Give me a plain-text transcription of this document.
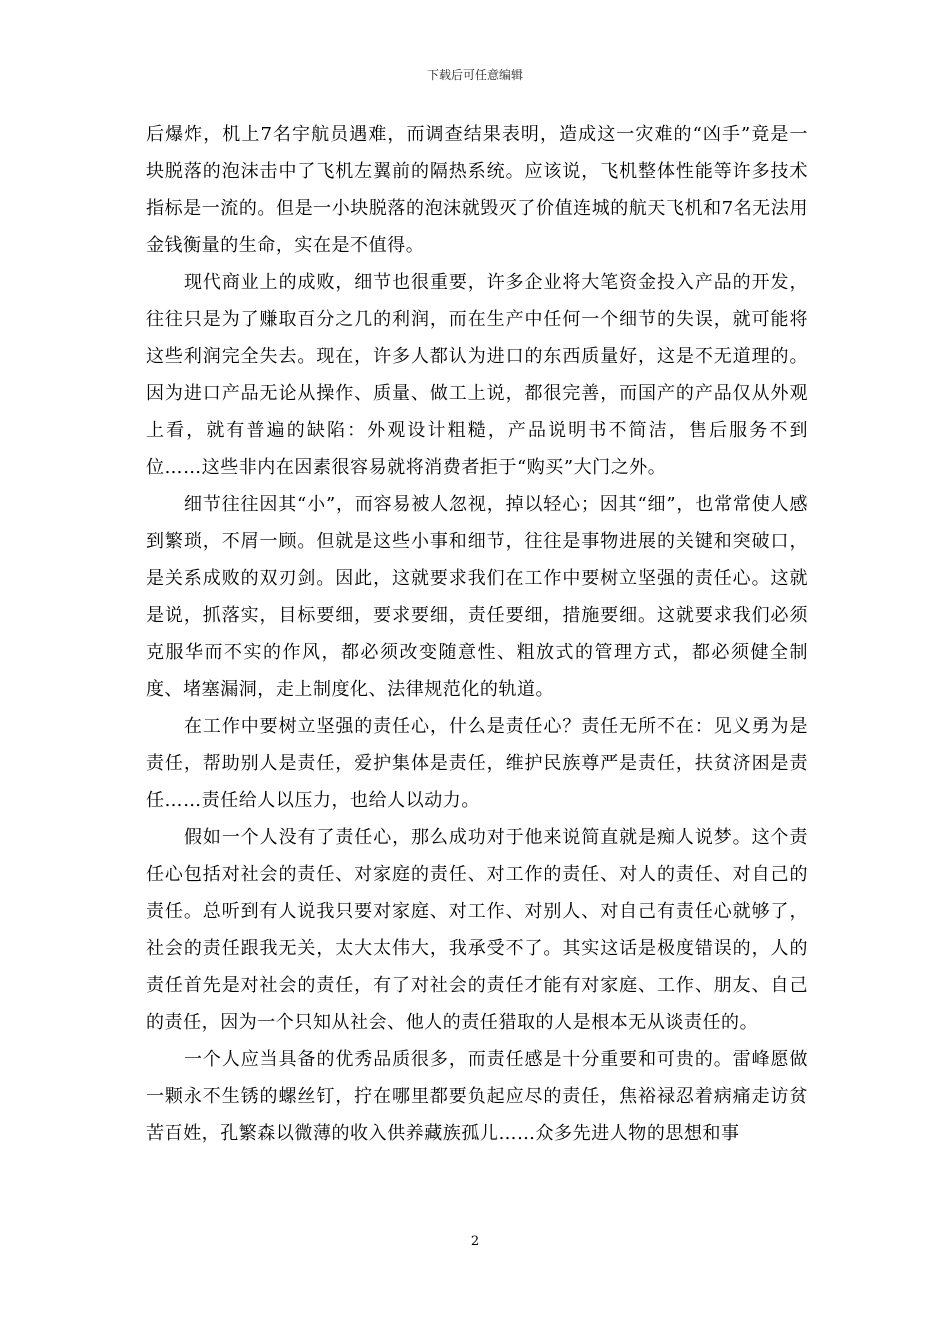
下载后可任意编辑

后爆炸，机上7名宇航员遇难，而调查结果表明，造成这一灾难的“凶手”竟是一块脱落的泡沫击中了飞机左翼前的隔热系统。应该说，飞机整体性能等许多技术指标是一流的。但是一小块脱落的泡沫就毁灭了价值连城的航天飞机和7名无法用金钱衡量的生命，实在是不值得。

现代商业上的成败，细节也很重要，许多企业将大笔资金投入产品的开发，往往只是为了赚取百分之几的利润，而在生产中任何一个细节的失误，就可能将这些利润完全失去。现在，许多人都认为进口的东西质量好，这是不无道理的。因为进口产品无论从操作、质量、做工上说，都很完善，而国产的产品仅从外观上看，就有普遍的缺陷：外观设计粗糙，产品说明书不简洁，售后服务不到位……这些非内在因素很容易就将消费者拒于“购买”大门之外。

细节往往因其“小”，而容易被人忽视，掉以轻心；因其“细”，也常常使人感到繁琐，不屑一顾。但就是这些小事和细节，往往是事物进展的关键和突破口，是关系成败的双刃剑。因此，这就要求我们在工作中要树立坚强的责任心。这就是说，抓落实，目标要细，要求要细，责任要细，措施要细。这就要求我们必须克服华而不实的作风，都必须改变随意性、粗放式的管理方式，都必须健全制度、堵塞漏洞，走上制度化、法律规范化的轨道。

在工作中要树立坚强的责任心，什么是责任心？责任无所不在：见义勇为是责任，帮助别人是责任，爱护集体是责任，维护民族尊严是责任，扶贫济困是责任……责任给人以压力，也给人以动力。

假如一个人没有了责任心，那么成功对于他来说简直就是痴人说梦。这个责任心包括对社会的责任、对家庭的责任、对工作的责任、对人的责任、对自己的责任。总听到有人说我只要对家庭、对工作、对别人、对自己有责任心就够了，社会的责任跟我无关，太大太伟大，我承受不了。其实这话是极度错误的，人的责任首先是对社会的责任，有了对社会的责任才能有对家庭、工作、朋友、自己的责任，因为一个只知从社会、他人的责任猎取的人是根本无从谈责任的。

一个人应当具备的优秀品质很多，而责任感是十分重要和可贵的。雷峰愿做一颗永不生锈的螺丝钉，拧在哪里都要负起应尽的责任，焦裕禄忍着病痛走访贫苦百姓，孔繁森以微薄的收入供养藏族孤儿……众多先进人物的思想和事

2
